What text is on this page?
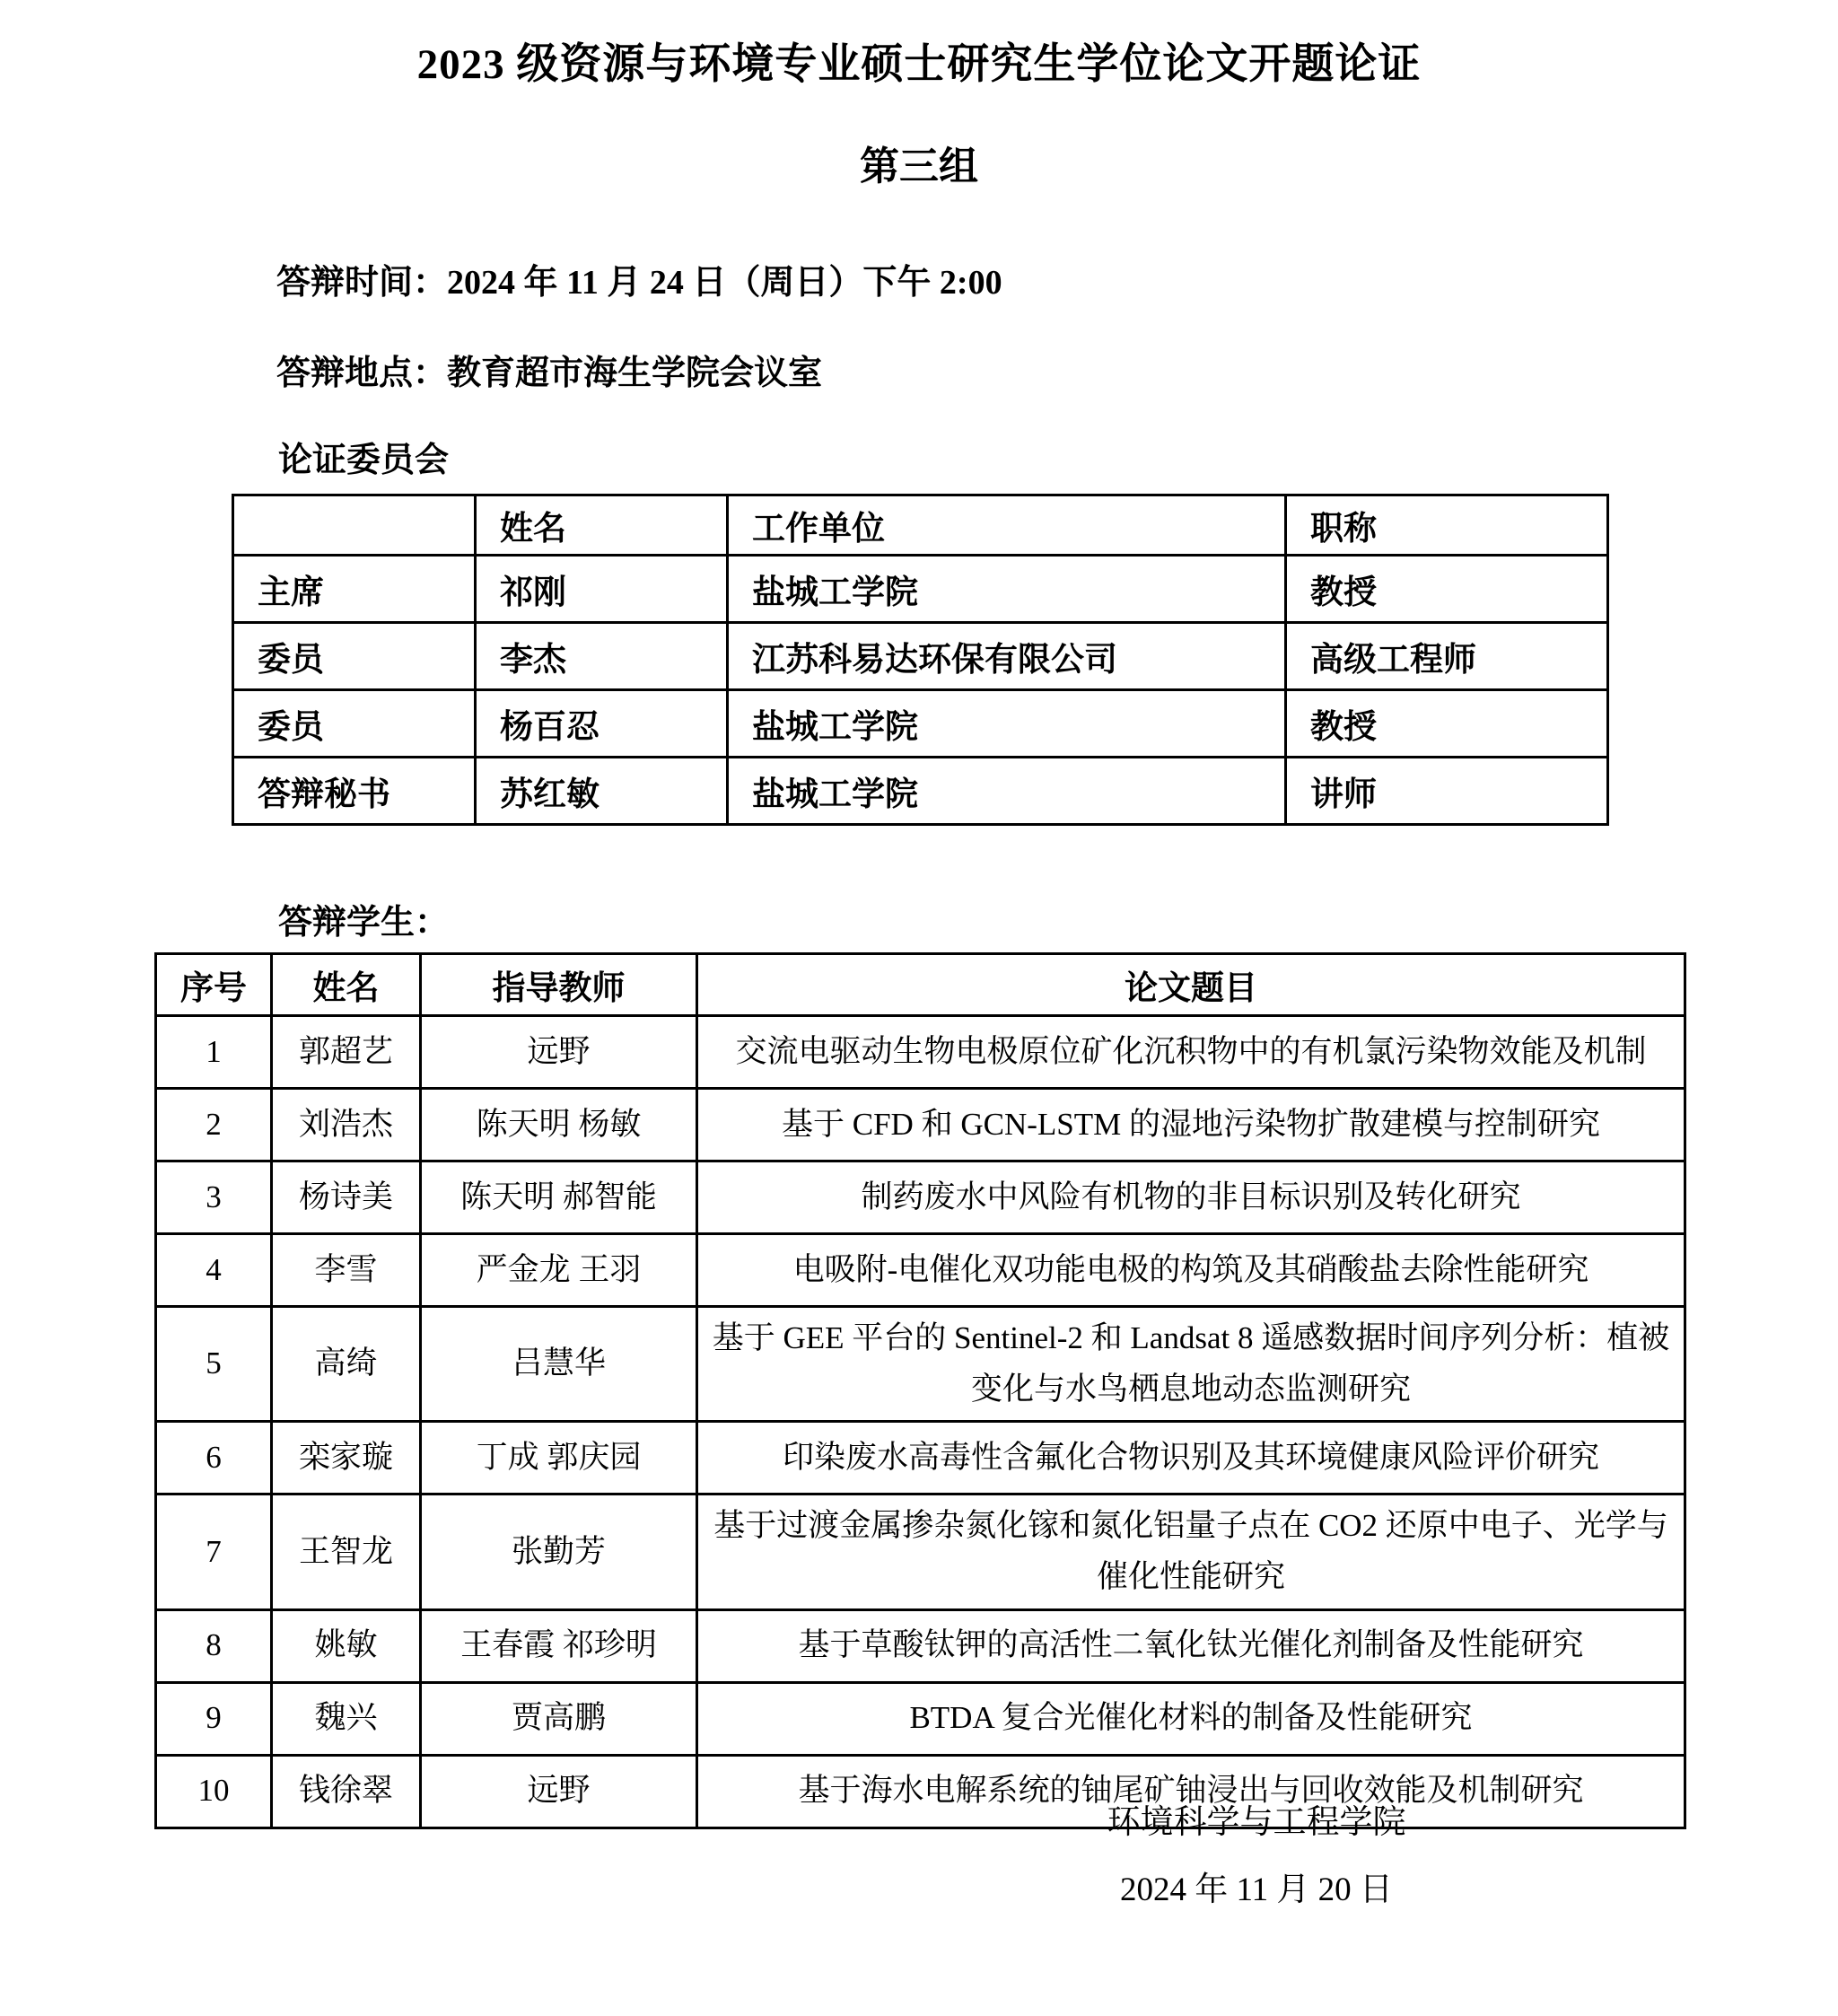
2023 级资源与环境专业硕士研究生学位论文开题论证
第三组
答辩时间：2024 年 11 月 24 日（周日）下午 2:00
答辩地点：教育超市海生学院会议室
论证委员会
	姓名	工作单位	职称
主席	祁刚	盐城工学院	教授
委员	李杰	江苏科易达环保有限公司	高级工程师
委员	杨百忍	盐城工学院	教授
答辩秘书	苏红敏	盐城工学院	讲师
答辩学生：
序号	姓名	指导教师	论文题目
1	郭超艺	远野	交流电驱动生物电极原位矿化沉积物中的有机氯污染物效能及机制
2	刘浩杰	陈天明 杨敏	基于 CFD 和 GCN-LSTM 的湿地污染物扩散建模与控制研究
3	杨诗美	陈天明 郝智能	制药废水中风险有机物的非目标识别及转化研究
4	李雪	严金龙 王羽	电吸附-电催化双功能电极的构筑及其硝酸盐去除性能研究
5	高绮	吕慧华	基于 GEE 平台的 Sentinel-2 和 Landsat 8 遥感数据时间序列分析：植被变化与水鸟栖息地动态监测研究
6	栾家璇	丁成 郭庆园	印染废水高毒性含氟化合物识别及其环境健康风险评价研究
7	王智龙	张勤芳	基于过渡金属掺杂氮化镓和氮化铝量子点在 CO2 还原中电子、光学与催化性能研究
8	姚敏	王春霞 祁珍明	基于草酸钛钾的高活性二氧化钛光催化剂制备及性能研究
9	魏兴	贾高鹏	BTDA 复合光催化材料的制备及性能研究
10	钱徐翠	远野	基于海水电解系统的铀尾矿铀浸出与回收效能及机制研究
环境科学与工程学院
2024 年 11 月 20 日
